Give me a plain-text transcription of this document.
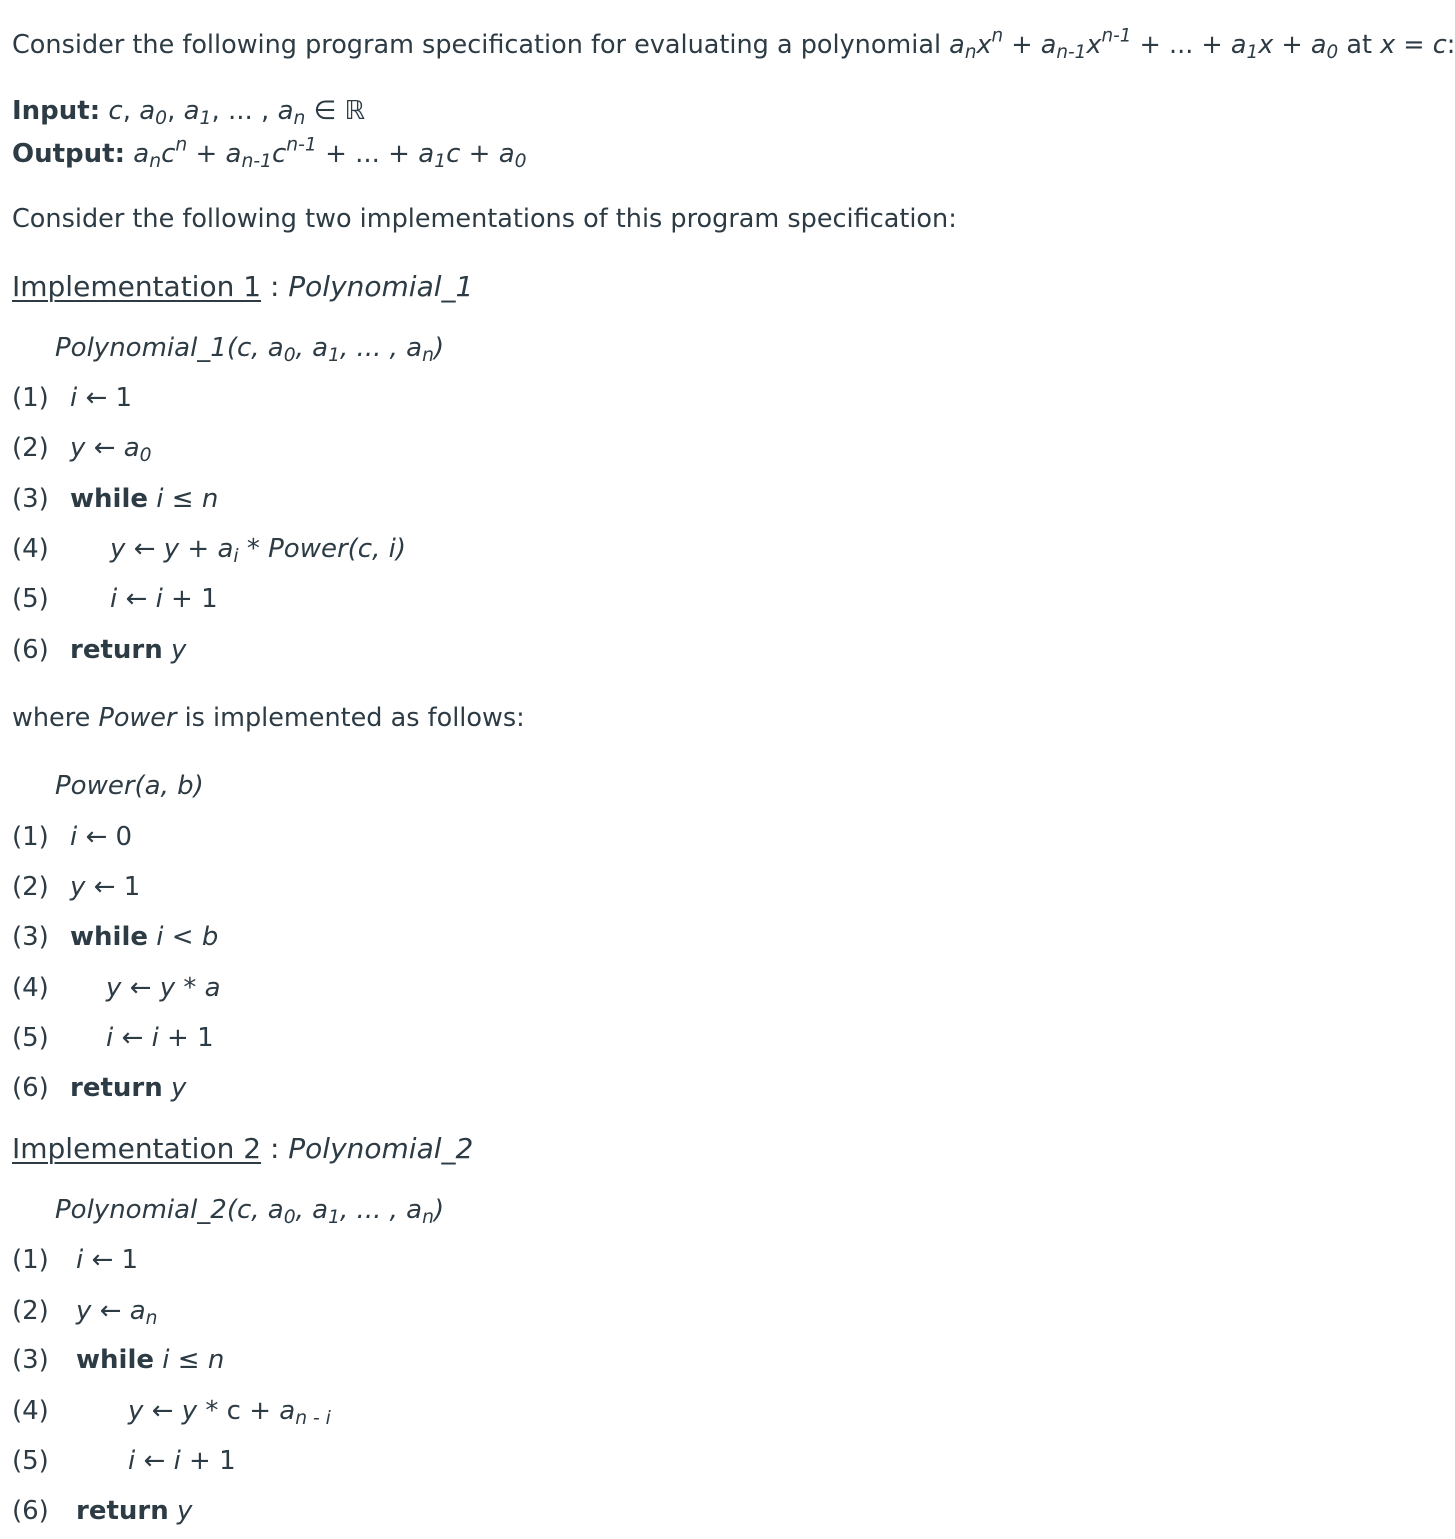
Consider the following program specification for evaluating a polynomial $a_nx^n + a_{n-1}x^{n-1}$ + ... + $a_1x + a_0$ at x = c:
Input: c, $a_0$, $a_1$, ... , $a_n$ ∈ ℝ
Output: $a_nc^n + a_{n-1}c^{n-1}$ + ... + $a_1c + a_0$
Consider the following two implementations of this program specification:
Implementation 1 : Polynomial_1
Polynomial_1(c, $a_0$, $a_1$, ... , $a_n$)
(1) i ← 1
(2) y ← $a_0$
(3) while i ≤ n
(4) y ← $y + a_i$ * Power(c, i)
(5) i ← i + 1
(6) return y
where Power is implemented as follows:
Power(a, b)
(1) i ← 0
(2) y ← 1
(3) while i < b
(4) y ← y * a
(5) i ← i + 1
(6) return y
Implementation 2 : Polynomial_2
Polynomial_2(c, $a_0$, $a_1$, ... , $a_n$)
(1) i ← 1
(2) y ← $a_n$
(3) while i ≤ n
(4)	y ← $y * c + a_{n - i}$
(5)	i ← i + 1
(6) return y
